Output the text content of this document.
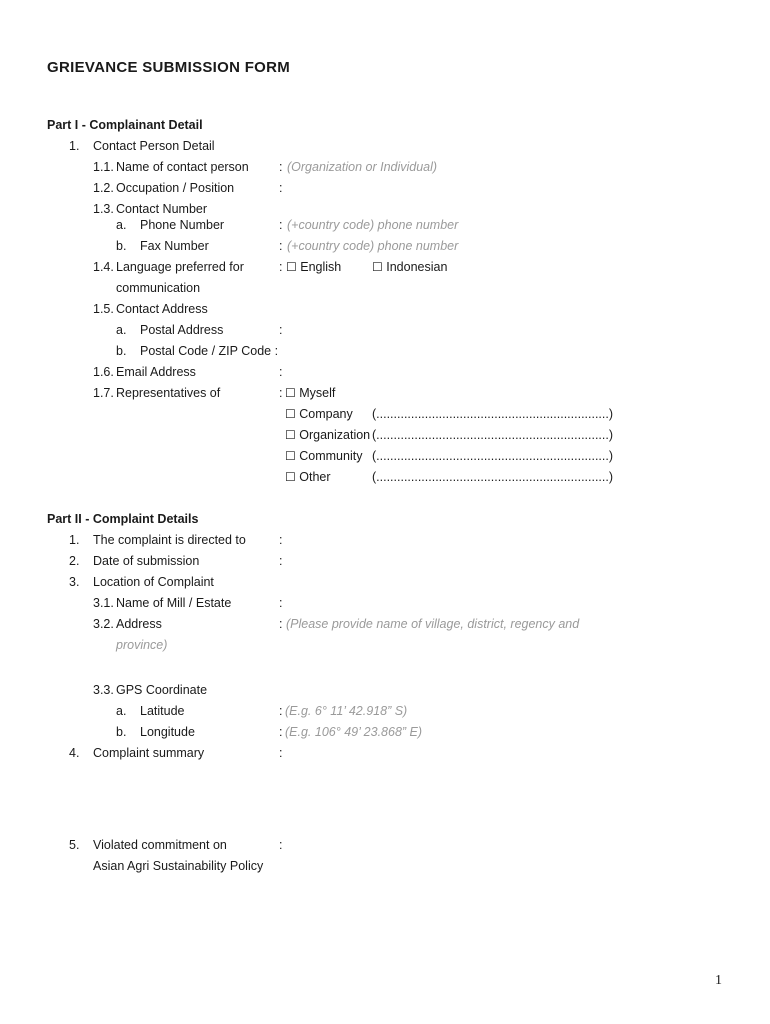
GRIEVANCE SUBMISSION FORM
Part I - Complainant Detail
1. Contact Person Detail
1.1. Name of contact person : (Organization or Individual)
1.2. Occupation / Position	:
1.3. Contact Number
a. Phone Number	: (+country code) phone number
b. Fax Number	: (+country code) phone number
1.4. Language preferred for
communication
: ☐ English	☐ Indonesian
1.5. Contact Address
a. Postal Address	:
b. Postal Code / ZIP Code :
1.6. Email Address	:
1.7. Representatives of	: ☐ Myself
☐ Company (...................................................................)
☐ Organization (...................................................................)
☐ Community (...................................................................)
☐ Other	(...................................................................)
Part II - Complaint Details
1. The complaint is directed to	:
2. Date of submission	:
3. Location of Complaint
3.1. Name of Mill / Estate	:
3.2. Address	: (Please provide name of village, district, regency and
province)
3.3. GPS Coordinate
a. Latitude	: (E.g. 6° 11’ 42.918” S)
b. Longitude	: (E.g. 106° 49’ 23.868” E)
4. Complaint summary	:
5. Violated commitment on
Asian Agri Sustainability Policy
:
1
